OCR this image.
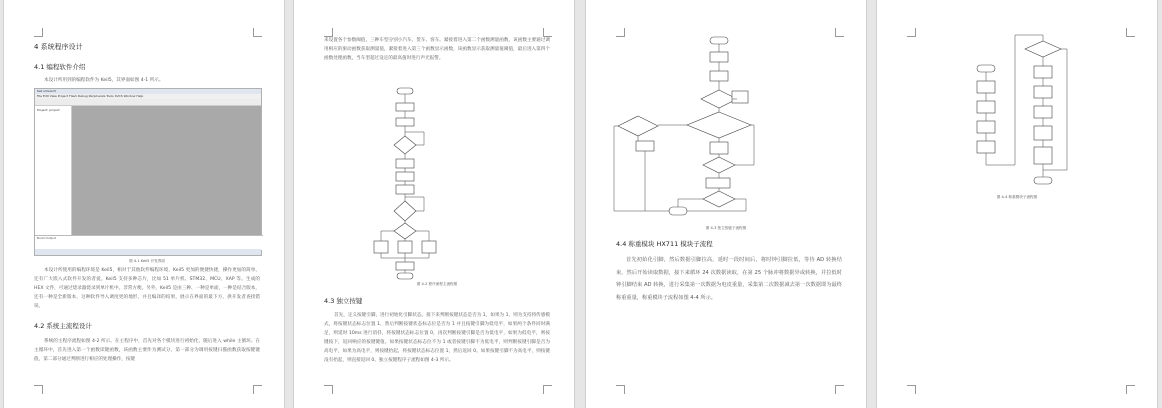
4 系统程序设计
4.1 编程软件介绍
本设计所用到的编程软件为 Keil5，其界面如图 4-1 所示。
Keil uVision5
File Edit View Project Flash Debug Peripherals Tools SVCS Window Help
Project: project
Build Output
图 4-1 Keil5 开发界面
本设计所使用的编程环境是 Keil5，相对于其他软件编程环境，Keil5 更加的便捷快捷，操作更加的简单，还有广大嵌入式软件开发的者爱。Keil5 支持多种芯片，比如 51 单片机、STM32、MCU、XAP 等。生成的 HEX 文件，可通过烧录器烧录到单片机中。非常方便。另外，Keil5 是由三种、一种是单面，一种是结合版本，还有一种是全新版本，这种软件导入调度更的地形，并且编译的结果，展示在界面的最下方，供开发者查找错误。
4.2 系统主流程设计
系统的主程序流程如图 4-2 所示。在主程序中，首先对各个模块进行初始化，随后进入 while 主循环。在主循环中，首先进入第一个函数读键函数，该函数主要作为测试分、第一部分为调用按键扫描函数获取按键键值，第二部分通过判断进行相应的处理操作，按键
来设置各个参数阈值，三种车型分别小汽车、货车、客车。紧接着进入第二个函数测量函数，该函数主要通过调用相应的驱动函数获取测量值，紧接着进入第三个函数显示函数，该函数显示获取测量值阈值，最后进入第四个函数处理函数，当车型超过设定的最高值时进行声光报警。
图 4-2 程序流程主流程图
4.3 独立按键
首先，定义按键引脚，进行初始化引脚状态。接下来判断按键状态是否为 1，如果为 1，则为支持将传感模式，将按键状态标志位置 1，然后判断按键状态标志位是否为 1 并且按键引脚为低电平，如果两个条件同时满足，则延时 10ms 进行消抖，将按键状态标志位置 0，再次判断按键引脚是否为低电平，如果为低电平，则按键按下，返回响应的按键键值。如果按键状态标志位不为 1 或者按键引脚不为低电平，则判断按键引脚是否为高电平，如果为高电平，则按键抬起，将按键状态标志位置 1，然后返回 0。如果按键引脚不为高电平，则按键没有抬起，则直接返回 0。独立按键程序子流程如图 4-3 所示。
图 4-3 独立按键子流程图
4.4 称重模块 HX711 模块子流程
首先初始化引脚，然后数据引脚拉高，延时一段时间后，将时钟引脚拉低，等待 AD 转换结束，然后开始读取数据，接下来循环 24 次数据读取，在第 25 个脉冲将数据异或转换，并拉低时钟引脚结束 AD 转换，进行采集第一次数据为电皮重量，采集第二次数据减去第一次数据即为最终称重重量，称重模块子流程如图 4-4 所示。
图 4-4 称重模块子流程图
